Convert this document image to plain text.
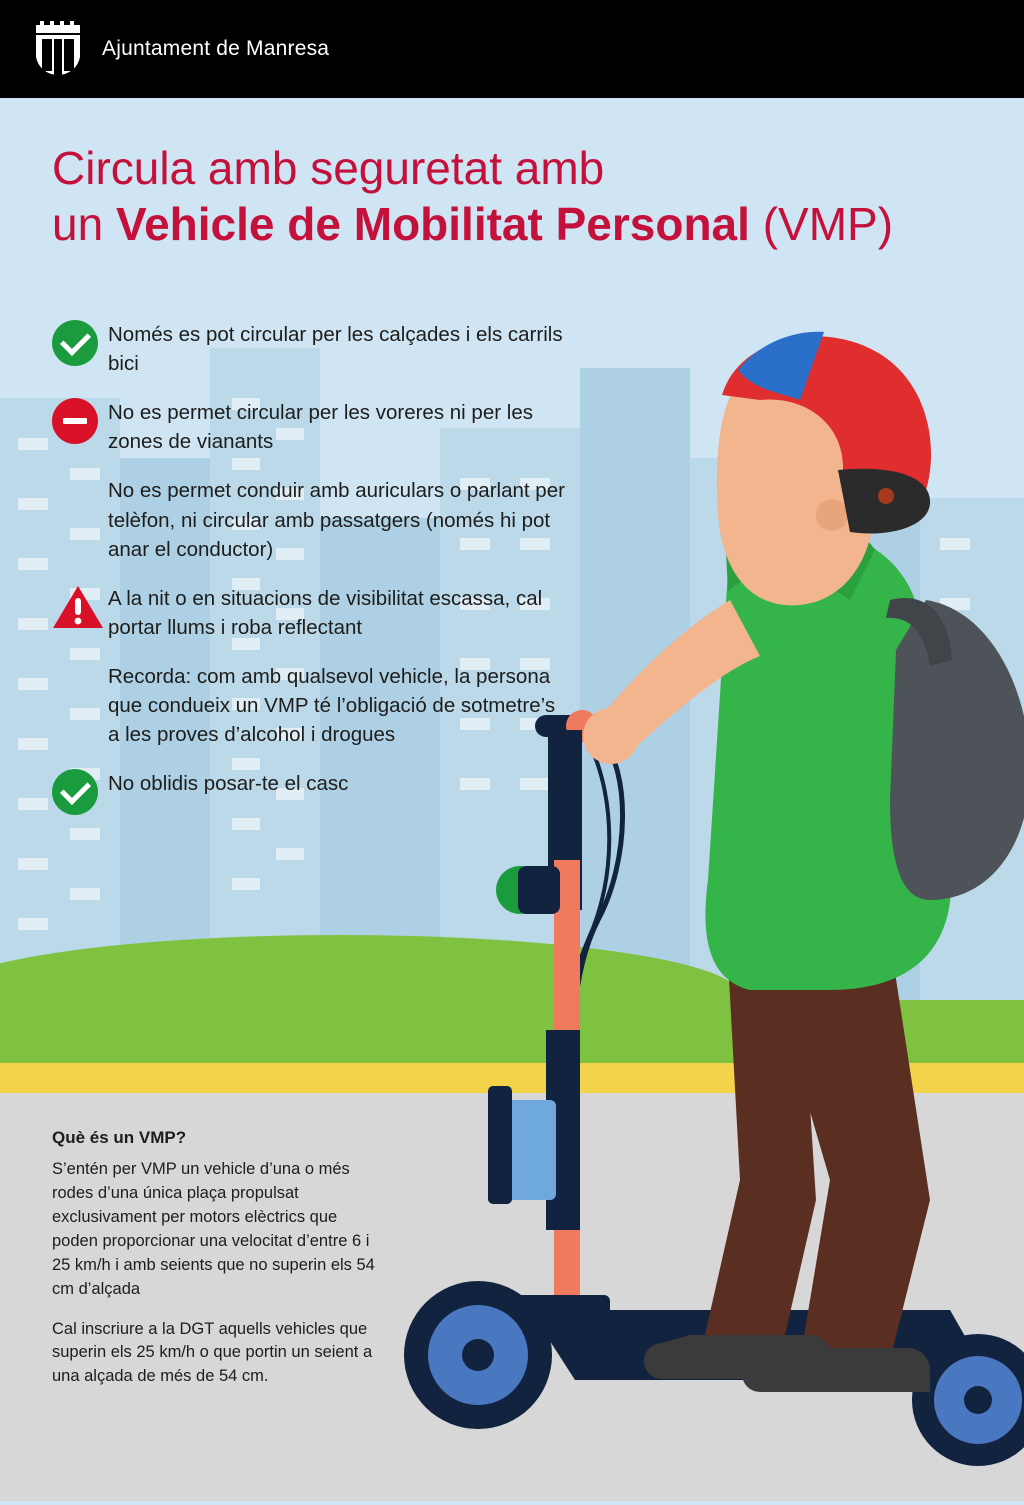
Ajuntament de Manresa
Circula amb seguretat amb
un Vehicle de Mobilitat Personal (VMP)
Només es pot circular per les calçades i els carrils bici
No es permet circular per les voreres ni per les zones de vianants
No es permet conduir amb auriculars o parlant per telèfon, ni circular amb passatgers (només hi pot anar el conductor)
A la nit o en situacions de visibilitat escassa, cal portar llums i roba reflectant
Recorda: com amb qualsevol vehicle, la persona que condueix un VMP té l’obligació de sotmetre’s a les proves d’alcohol i drogues
No oblidis posar-te el casc
Què és un VMP?

S’entén per VMP un vehicle d’una o més rodes d’una única plaça propulsat exclusivament per motors elèctrics que poden proporcionar una velocitat d’entre 6 i 25 km/h i amb seients que no superin els 54 cm d’alçada

Cal inscriure a la DGT aquells vehicles que superin els 25 km/h o que portin un seient a una alçada de més de 54 cm.
